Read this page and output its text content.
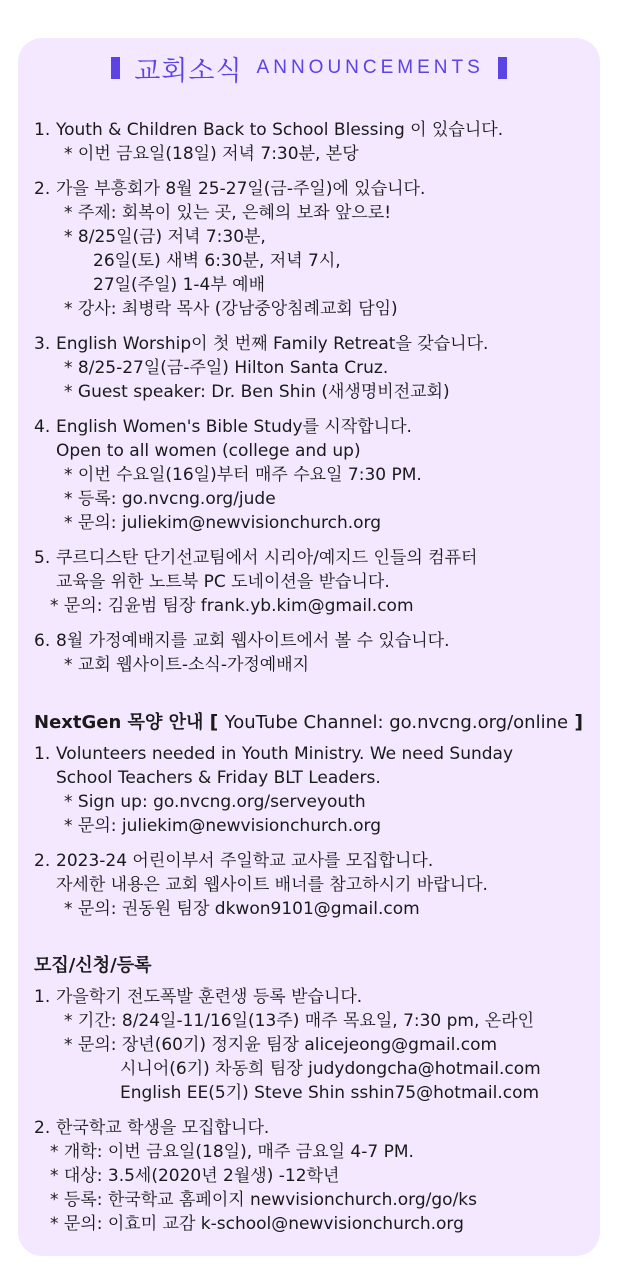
교회소식 ANNOUNCEMENTS
1. Youth & Children Back to School Blessing 이 있습니다.
* 이번 금요일(18일) 저녁 7:30분, 본당
2. 가을 부흥회가 8월 25-27일(금-주일)에 있습니다.
* 주제: 회복이 있는 곳, 은혜의 보좌 앞으로!
* 8/25일(금) 저녁 7:30분,
26일(토) 새벽 6:30분, 저녁 7시,
27일(주일) 1-4부 예배
* 강사: 최병락 목사 (강남중앙침례교회 담임)
3. English Worship이 첫 번째 Family Retreat을 갖습니다.
* 8/25-27일(금-주일) Hilton Santa Cruz.
* Guest speaker: Dr. Ben Shin (새생명비전교회)
4. English Women's Bible Study를 시작합니다.
Open to all women (college and up)
* 이번 수요일(16일)부터 매주 수요일 7:30 PM.
* 등록: go.nvcng.org/jude
* 문의: juliekim@newvisionchurch.org
5. 쿠르디스탄 단기선교팀에서 시리아/예지드 인들의 컴퓨터
교육을 위한 노트북 PC 도네이션을 받습니다.
* 문의: 김윤범 팀장 frank.yb.kim@gmail.com
6. 8월 가정예배지를 교회 웹사이트에서 볼 수 있습니다.
* 교회 웹사이트-소식-가정예배지
NextGen 목양 안내 [ YouTube Channel: go.nvcng.org/online ]
1. Volunteers needed in Youth Ministry. We need Sunday
School Teachers & Friday BLT Leaders.
* Sign up: go.nvcng.org/serveyouth
* 문의: juliekim@newvisionchurch.org
2. 2023-24 어린이부서 주일학교 교사를 모집합니다.
자세한 내용은 교회 웹사이트 배너를 참고하시기 바랍니다.
* 문의: 권동원 팀장 dkwon9101@gmail.com
모집/신청/등록
1. 가을학기 전도폭발 훈련생 등록 받습니다.
* 기간: 8/24일-11/16일(13주) 매주 목요일, 7:30 pm, 온라인
* 문의: 장년(60기) 정지윤 팀장 alicejeong@gmail.com
시니어(6기) 차동희 팀장 judydongcha@hotmail.com
English EE(5기) Steve Shin sshin75@hotmail.com
2. 한국학교 학생을 모집합니다.
* 개학: 이번 금요일(18일), 매주 금요일 4-7 PM.
* 대상: 3.5세(2020년 2월생) -12학년
* 등록: 한국학교 홈페이지 newvisionchurch.org/go/ks
* 문의: 이효미 교감 k-school@newvisionchurch.org
